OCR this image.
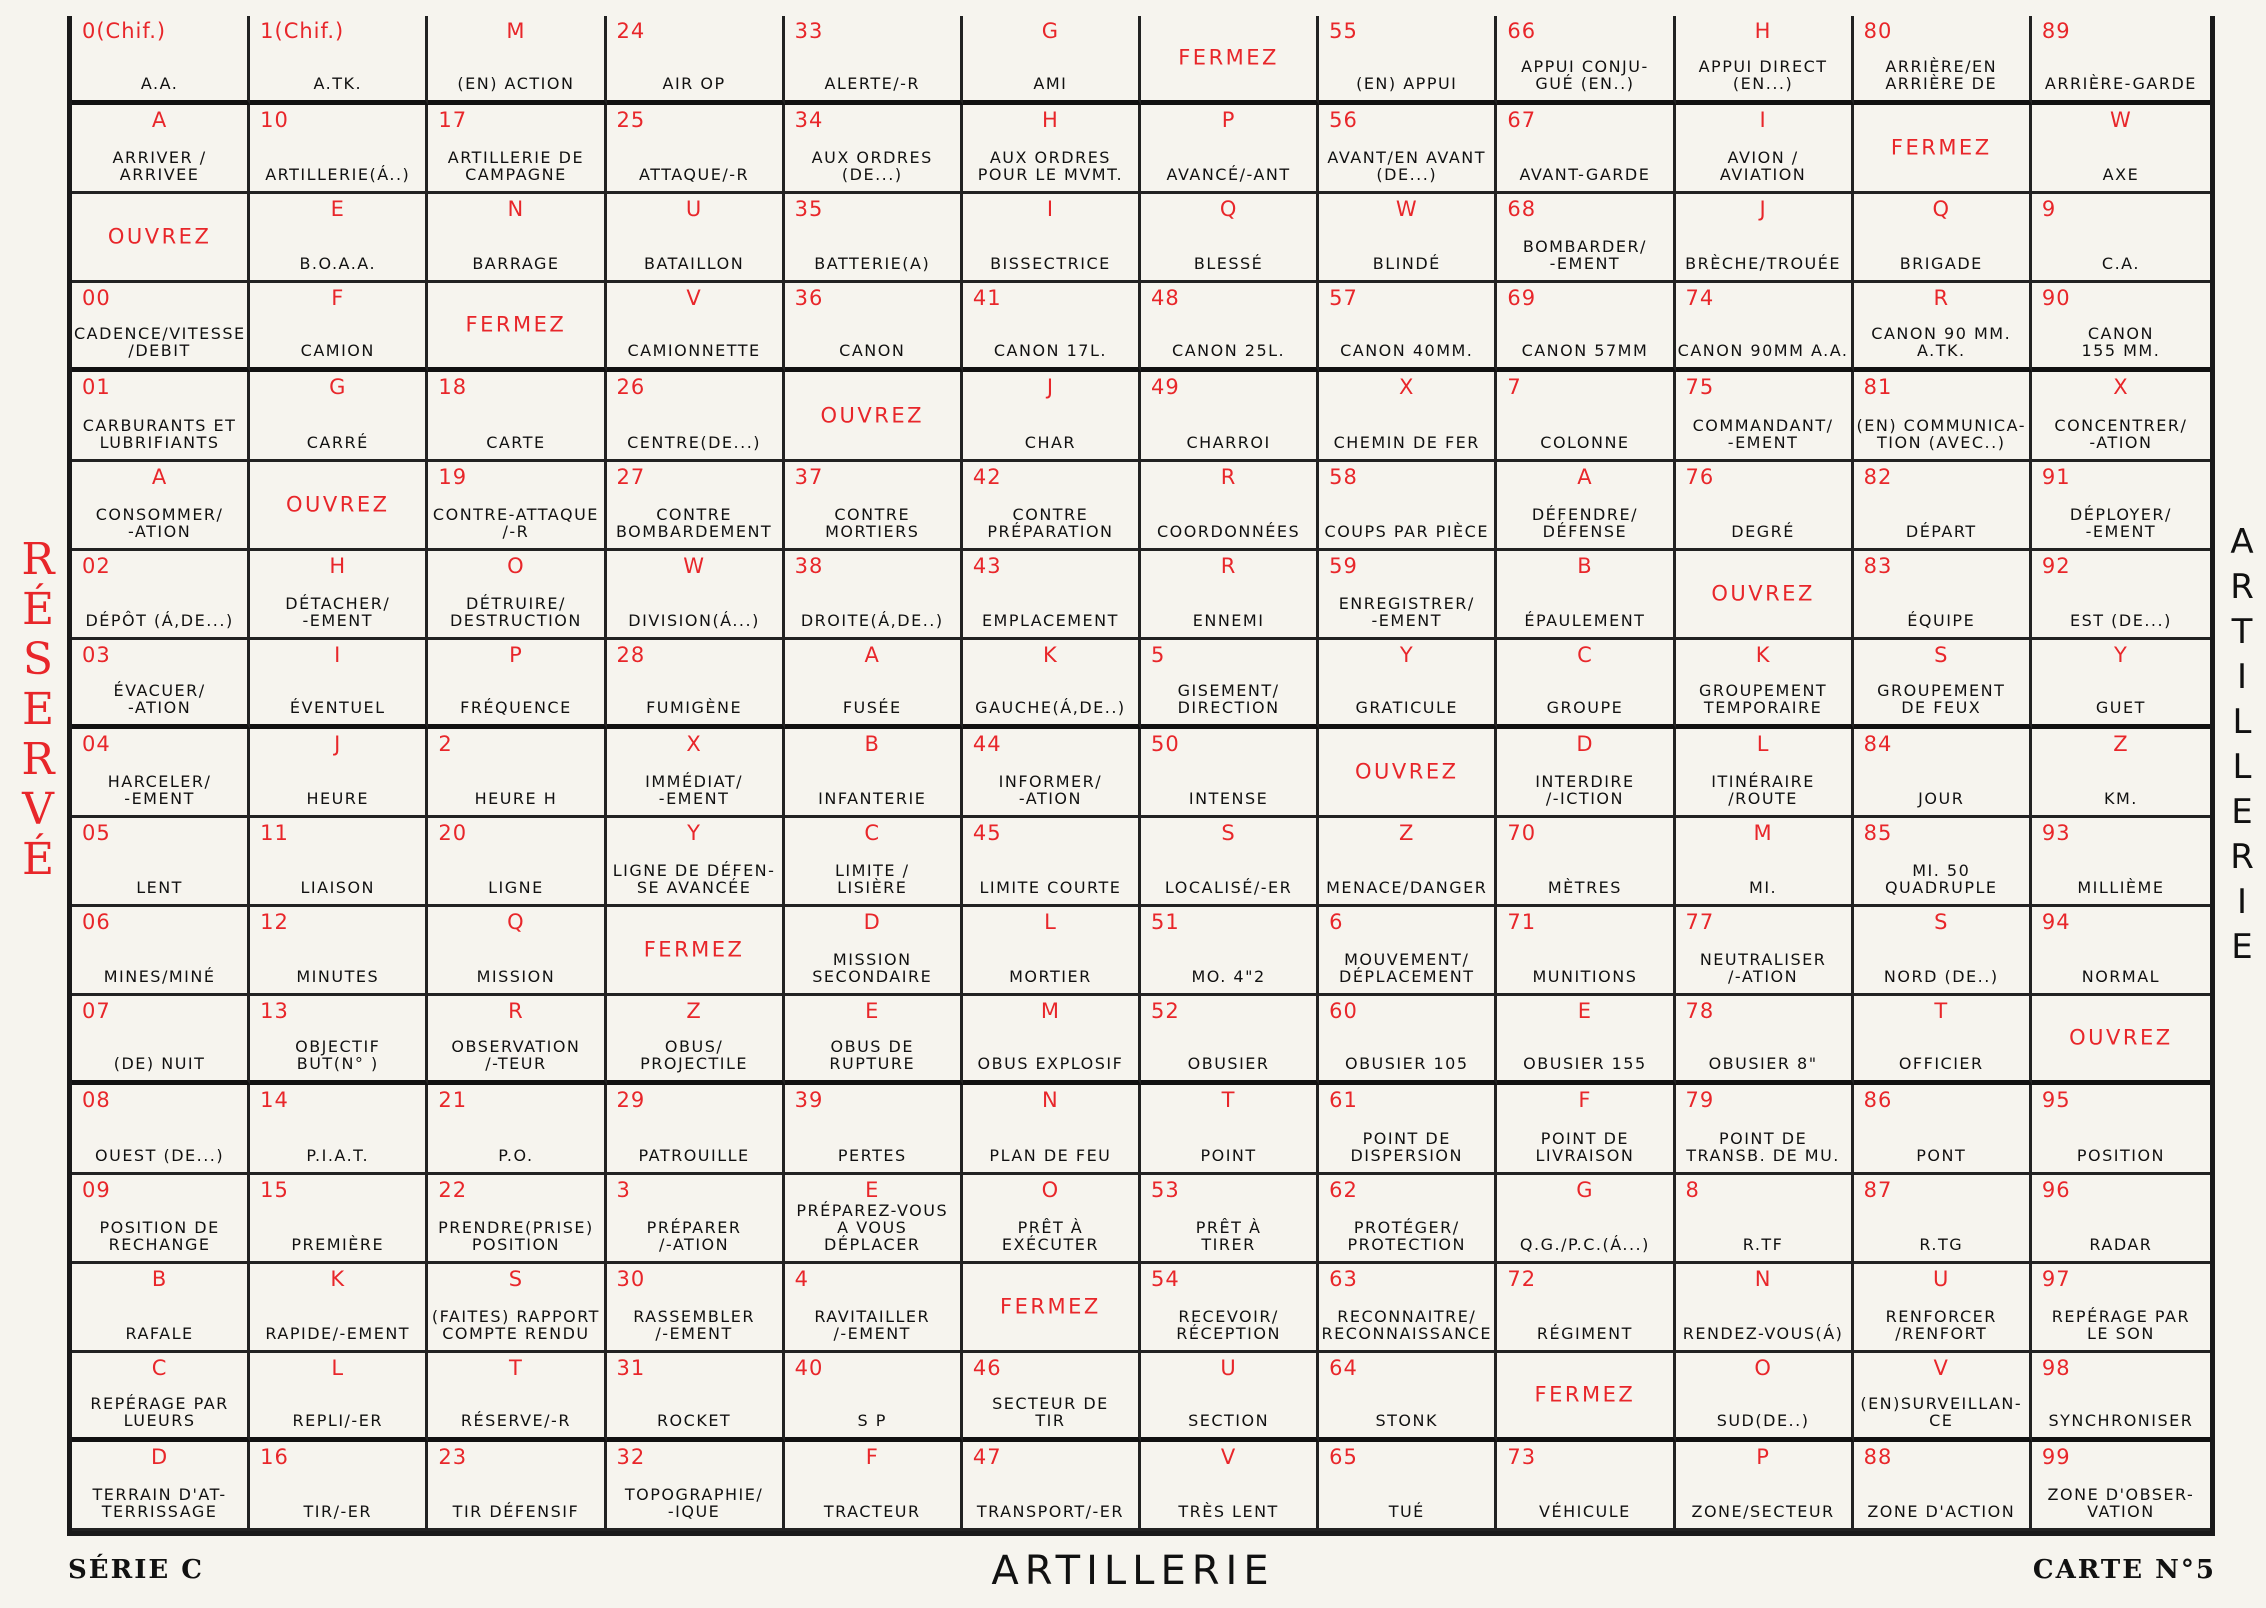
R
É
S
E
R
V
É
0(Chif.)
A.A.
1(Chif.)
A.TK.
M
(EN) ACTION
24
AIR OP
33
ALERTE/-R
G
AMI
FERMEZ
55
(EN) APPUI
66
APPUI CONJU-
GUÉ (EN..)
H
APPUI DIRECT
(EN...)
80
ARRIÈRE/EN
ARRIÈRE DE
89
ARRIÈRE-GARDE
A
ARRIVER /
ARRIVEE
10
ARTILLERIE(Á..)
17
ARTILLERIE DE
CAMPAGNE
25
ATTAQUE/-R
34
AUX ORDRES
(DE...)
H
AUX ORDRES
POUR LE MVMT.
P
AVANCÉ/-ANT
56
AVANT/EN AVANT
(DE...)
67
AVANT-GARDE
I
AVION /
AVIATION
FERMEZ
W
AXE
OUVREZ
E
B.O.A.A.
N
BARRAGE
U
BATAILLON
35
BATTERIE(A)
I
BISSECTRICE
Q
BLESSÉ
W
BLINDÉ
68
BOMBARDER/
-EMENT
J
BRÈCHE/TROUÉE
Q
BRIGADE
9
C.A.
00
CADENCE/VITESSE
/DEBIT
F
CAMION
FERMEZ
V
CAMIONNETTE
36
CANON
41
CANON 17L.
48
CANON 25L.
57
CANON 40MM.
69
CANON 57MM
74
CANON 90MM A.A.
R
CANON 90 MM.
A.TK.
90
CANON
155 MM.
01
CARBURANTS ET
LUBRIFIANTS
G
CARRÉ
18
CARTE
26
CENTRE(DE...)
OUVREZ
J
CHAR
49
CHARROI
X
CHEMIN DE FER
7
COLONNE
75
COMMANDANT/
-EMENT
81
(EN) COMMUNICA-
TION (AVEC..)
X
CONCENTRER/
-ATION
A
CONSOMMER/
-ATION
OUVREZ
19
CONTRE-ATTAQUE
/-R
27
CONTRE
BOMBARDEMENT
37
CONTRE
MORTIERS
42
CONTRE
PRÉPARATION
R
COORDONNÉES
58
COUPS PAR PIÈCE
A
DÉFENDRE/
DÉFENSE
76
DEGRÉ
82
DÉPART
91
DÉPLOYER/
-EMENT
02
DÉPÔT (Á,DE...)
H
DÉTACHER/
-EMENT
O
DÉTRUIRE/
DESTRUCTION
W
DIVISION(Á...)
38
DROITE(Á,DE..)
43
EMPLACEMENT
R
ENNEMI
59
ENREGISTRER/
-EMENT
B
ÉPAULEMENT
OUVREZ
83
ÉQUIPE
92
EST (DE...)
03
ÉVACUER/
-ATION
I
ÉVENTUEL
P
FRÉQUENCE
28
FUMIGÈNE
A
FUSÉE
K
GAUCHE(Á,DE..)
5
GISEMENT/
DIRECTION
Y
GRATICULE
C
GROUPE
K
GROUPEMENT
TEMPORAIRE
S
GROUPEMENT
DE FEUX
Y
GUET
04
HARCELER/
-EMENT
J
HEURE
2
HEURE H
X
IMMÉDIAT/
-EMENT
B
INFANTERIE
44
INFORMER/
-ATION
50
INTENSE
OUVREZ
D
INTERDIRE
/-ICTION
L
ITINÉRAIRE
/ROUTE
84
JOUR
Z
KM.
05
LENT
11
LIAISON
20
LIGNE
Y
LIGNE DE DÉFEN-
SE AVANCÉE
C
LIMITE /
LISIÈRE
45
LIMITE COURTE
S
LOCALISÉ/-ER
Z
MENACE/DANGER
70
MÈTRES
M
MI.
85
MI. 50
QUADRUPLE
93
MILLIÈME
06
MINES/MINÉ
12
MINUTES
Q
MISSION
FERMEZ
D
MISSION
SECONDAIRE
L
MORTIER
51
MO. 4"2
6
MOUVEMENT/
DÉPLACEMENT
71
MUNITIONS
77
NEUTRALISER
/-ATION
S
NORD (DE..)
94
NORMAL
07
(DE) NUIT
13
OBJECTIF
BUT(N° )
R
OBSERVATION
/-TEUR
Z
OBUS/
PROJECTILE
E
OBUS DE
RUPTURE
M
OBUS EXPLOSIF
52
OBUSIER
60
OBUSIER 105
E
OBUSIER 155
78
OBUSIER 8"
T
OFFICIER
OUVREZ
08
OUEST (DE...)
14
P.I.A.T.
21
P.O.
29
PATROUILLE
39
PERTES
N
PLAN DE FEU
T
POINT
61
POINT DE
DISPERSION
F
POINT DE
LIVRAISON
79
POINT DE
TRANSB. DE MU.
86
PONT
95
POSITION
09
POSITION DE
RECHANGE
15
PREMIÈRE
22
PRENDRE(PRISE)
POSITION
3
PRÉPARER
/-ATION
E
PRÉPAREZ-VOUS
A VOUS DÉPLACER
O
PRÊT À
EXÉCUTER
53
PRÊT À
TIRER
62
PROTÉGER/
PROTECTION
G
Q.G./P.C.(Á...)
8
R.TF
87
R.TG
96
RADAR
B
RAFALE
K
RAPIDE/-EMENT
S
(FAITES) RAPPORT
COMPTE RENDU
30
RASSEMBLER
/-EMENT
4
RAVITAILLER
/-EMENT
FERMEZ
54
RECEVOIR/
RÉCEPTION
63
RECONNAITRE/
RECONNAISSANCE
72
RÉGIMENT
N
RENDEZ-VOUS(Á)
U
RENFORCER
/RENFORT
97
REPÉRAGE PAR
LE SON
C
REPÉRAGE PAR
LUEURS
L
REPLI/-ER
T
RÉSERVE/-R
31
ROCKET
40
S P
46
SECTEUR DE
TIR
U
SECTION
64
STONK
FERMEZ
O
SUD(DE..)
V
(EN)SURVEILLAN-
CE
98
SYNCHRONISER
D
TERRAIN D'AT-
TERRISSAGE
16
TIR/-ER
23
TIR DÉFENSIF
32
TOPOGRAPHIE/
-IQUE
F
TRACTEUR
47
TRANSPORT/-ER
V
TRÈS LENT
65
TUÉ
73
VÉHICULE
P
ZONE/SECTEUR
88
ZONE D'ACTION
99
ZONE D'OBSER-
VATION
A
R
T
I
L
L
E
R
I
E
SÉRIE C	ARTILLERIE	CARTE N°5
